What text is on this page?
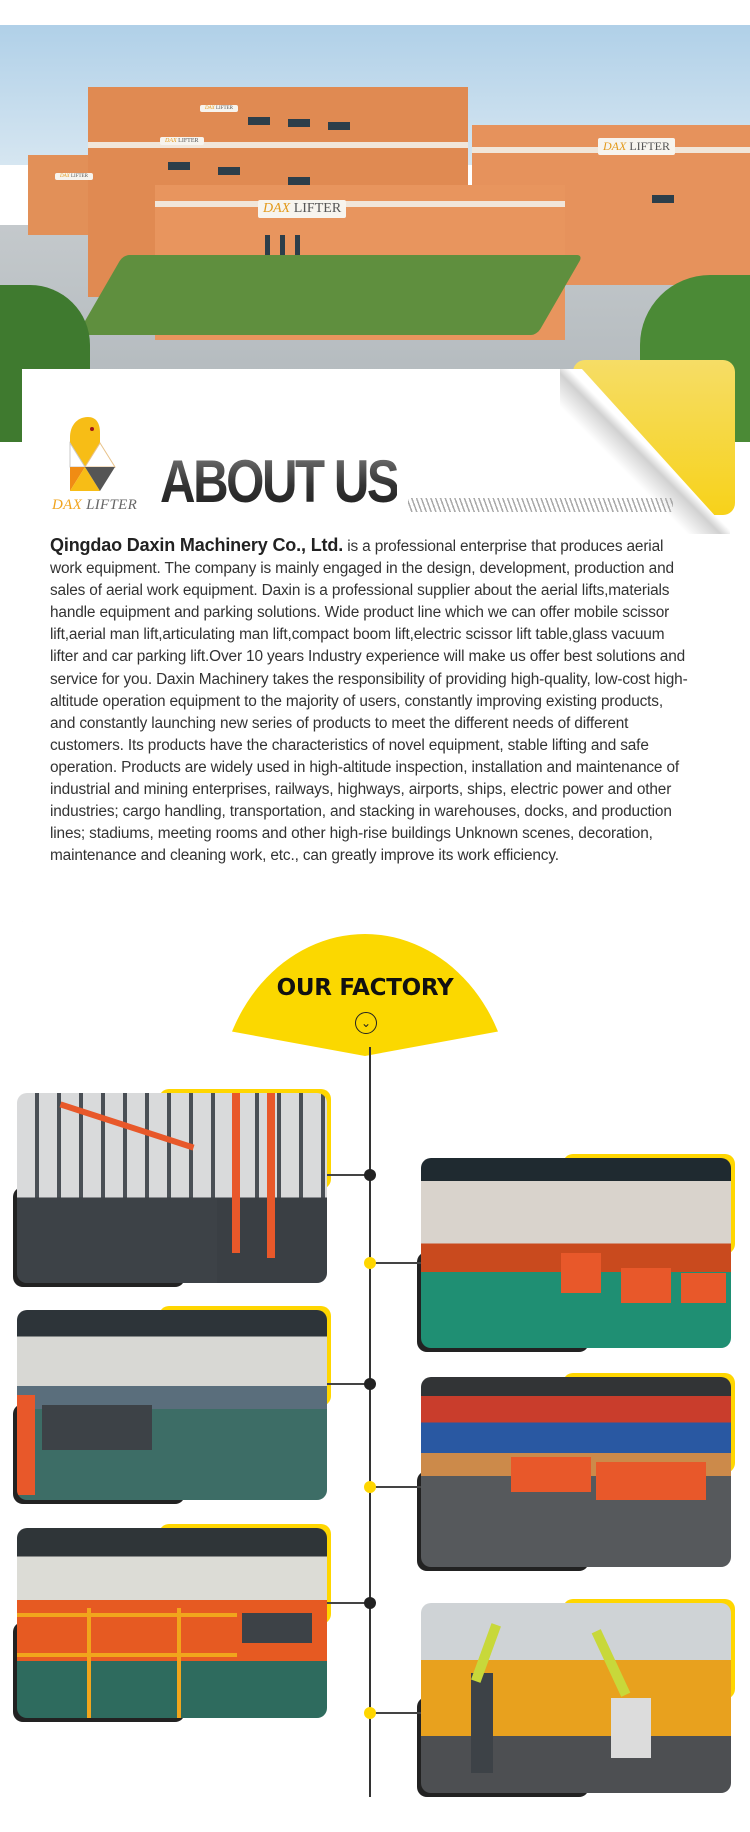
DAX LIFTER
DAX LIFTER
DAX LIFTER
DAX LIFTER
DAX LIFTER
DAX LIFTER ABOUT US
Qingdao Daxin Machinery Co., Ltd. is a professional enterprise that produces aerial work equipment. The company is mainly engaged in the design, development, production and sales of aerial work equipment. Daxin is a professional supplier about the aerial lifts,materials handle equipment and parking solutions. Wide product line which we can offer mobile scissor lift,aerial man lift,articulating man lift,compact boom lift,electric scissor lift table,glass vacuum lifter and car parking lift.Over 10 years Industry experience will make us offer best solutions and service for you. Daxin Machinery takes the responsibility of providing high-quality, low-cost high-altitude operation equipment to the majority of users, constantly improving existing products, and constantly launching new series of products to meet the different needs of different customers. Its products have the characteristics of novel equipment, stable lifting and safe operation. Products are widely used in high-altitude inspection, installation and maintenance of industrial and mining enterprises, railways, highways, airports, ships, electric power and other industries; cargo handling, transportation, and stacking in warehouses, docks, and production lines; stadiums, meeting rooms and other high-rise buildings Unknown scenes, decoration, maintenance and cleaning work, etc., can greatly improve its work efficiency.
OUR FACTORY
⌄
